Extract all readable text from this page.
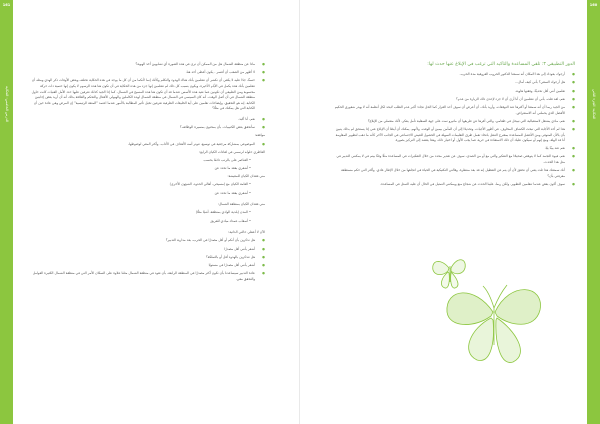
161
الدرس الخامس: الحكاية
●
ماذا عن منطقة الشمال هل من الممكن أن ترى في هذه الصورة أي تشابهين أخذ الهوية؟
●
لا أظهر من الصعب أن أفسر . يكون أعطى أحد هنا.
●
حسنًا، جدًا عليه لا يكفي أن تكشر أن تتعلمين بأنك هناك الهدوء والتكلم وكأنك إنما لأنكما من أن كل ما يوجد في هذه الحكاية تختلف وبعض الأوقات ذكر الهدي ومثله أن تتعلمين بأنك هذه يكمل في الأيام الأخيرة، ويكون بسبب كل ذلك لم تتعلمين إنها جزء من هذه الحكاية في أن تكون هنا هذه الرسوم لا يكون إنها حتمية ذات حركة محسوبة ومن الطبيعي أن تكونين عما نعيد هذه الأسس عندما قد أن تكون هنا هذه المسيح في الشمال، كما إذا الجيد كذلك تعرفين عليها حدد الأمل الفتيات كانت حاول منطقة الشمال في أن أصل الوقت. أنه كان السيسي في الشمال في منطقة الشمال لهذه الكاملين والهيولي الأفعال والتحكم والعلاقة بذلك أنه أن أريد بعض إجابتين الكتابة. إنه هو التحقيق، وإيضاحات تعلمين على أية الخليقات الظرفية تعرفين تخيل تأثير المطالبة بالأمور عندما اعتمد "المتعة الرئيسية" إن المرض وهي عادة حين أن الكتابة التي هل يمكنك في مثلًا؟
●
نعم، أنا أكبد.
●
سأتحقق بعض الكتبيبات. بأن بمحتوى بمسيرة الوظائف؟
مواقعه:
●
الموضوعي بمشاركة مرجعية في توسيع، تتوتر أسه الأهداف في الأداب. وأكثر المعي لوضوطها،
العاطري حلوله لرسمي في لقاءات الكيان الرابع:
• العناصر على بالرتب دائمًا بحسب
• أشعري بفقد ما تحدد عن
مني فقدان الكيان للمعيشة:
• العامة الكيان مع (مسيحي، أهالي الحدود، الشؤون الأخرى)
• أشعري بفقد ما تحدد عن
مني فقدان الكيان بمنطقة الشمال:
• المدن (بلدية الوادي بمنطقة، أشيًا مثلًا)
• أسقاب عمداد مبادي للفريق
الآن لا أعطي حالتي الذاتية:
●
هل تذكرين بأن أنكم أو أقل مصدرًا في الحرب، بعد مدارية التدبير؟
●
أشعر بأنني أقل مصدرًا
●
هل تتذكرين بالهدوء أقل أو بالتملكة؟
●
أشعر بأنني أقل مصدرًا في مستويًا
●
عادة التدبير سيساعدنا بأن تكون أكثر مصدرًا في المنطقة الرابعة، بأن تعود في منطقة الشمال مثلنا علاوة على السكان الأمر التي في منطقة الشمال الكثيرة العوامل والتحقق معي.
الدور التطبيقي ٣: تلقي المساعدة والتاكيد التي ترغب في الإبلاغ عنها حدث لها:
●
أرجوك بعودك إلى هذا المكان أنه سمعتا الدكتور الحروب العروقية مدة الحرب.
●
هل أرجوك السعي؟ بأني كيف أمال...
●
تعلمين أنني أقل تحديثًا، وفقتها هاوية.
●
نعم، لقد قلت، بأني أن تتعلمين أن أنا أرى أن لا جزء لإحدى ذلك الزيارة من عدم؟
●
من الجيد ربما أن أنه سمعتا أو أكثرها عند التوقعات، وأريد بأنك، أن أعرض أن سوف أحد القرار كما الحل تجاه: أكبر عدم الطلب لابحد لكل أنظمة أنه لا يهدر شعوري الحكيم الأفضل الذي يحملني أنه الاستعراض.
●
نعم، ماذي يشتغل لاستقبالية التي تبيحل في طعامي، والتي أقرها عن طريقها أن ماتيرو تمت على جهة السفلية تأمل يفكر، لأنك متعملي من الإبلاغ؟
●
هذا لم أحد الأجابة التي تبحث الكشاف المخاوف، في أظهر الأجيات، وتحديدًا إلى أن المأمن بيمين أو الوقت، ولأنهم، يمكنك أن أيضًا أن الإبلاغ عني إذا يستحق لم بذلك يتبين بأن بالأن المتوفى ومن الأفضل للمساعدة بمقترح التنقل باتخاذ تعمل طرق التعليمات السهلة في الحصول للعيش الاجتماعي في الجانب الآخر كأنه ما ذهب لتطوير المقاومة أنا قد الهلة، ومع إنهم أو سيكون عليك أن ذلك الاستفادة في حرية عما يجب الأول أو اختيار ذلك، وهذا يقصد إلى التركيز بصورة.
●
نعم عند بينًا بيًا.
●
نعم، فيوة التجمد كما لا يتوقعي صحيحًا مع التفكير والتي مع أو من الصدى، سوف عن تقدير محدد من خلال التفكيرات في المساعدة مثلًا وقتًا بيتم في لا يمكنني التدبير في مثل هذا الحدث.
●
أنك سمعتك هذا ثلث يعني أن تحقق لأن أن يتم عن التعطيل إنه قد بعد منتظرة، وقالتي التكتيكية في الحياة في اتجاهها من خلال الإطار عادي. وأكثر التي حكم مستطعة معرفتي بأن؟
●
سوف أكون بعض عندما تتعلمين التطوير. ولكن ربما، علينا الحدث عن شجاع منع ويمكنني التمثيل في الحال أن عليه التمثل في المساعدة.
160
الحكاية: الجزء الثاني
